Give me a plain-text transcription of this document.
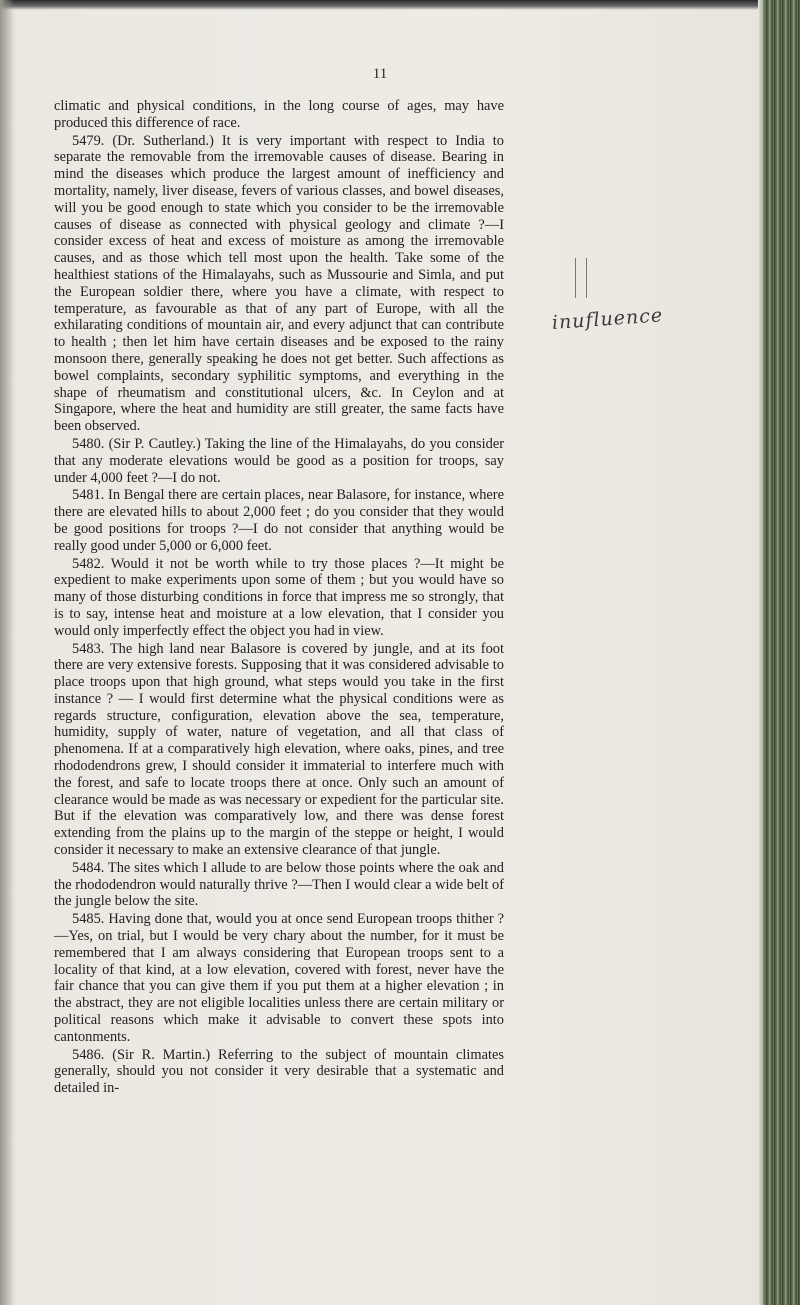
11

climatic and physical conditions, in the long course of ages, may have produced this difference of race.

5479. (Dr. Sutherland.) It is very important with respect to India to separate the removable from the irremovable causes of disease. Bearing in mind the diseases which produce the largest amount of inefficiency and mortality, namely, liver disease, fevers of various classes, and bowel diseases, will you be good enough to state which you consider to be the irremovable causes of disease as connected with physical geology and climate ?—I consider excess of heat and excess of moisture as among the irremovable causes, and as those which tell most upon the health. Take some of the healthiest stations of the Himalayahs, such as Mussourie and Simla, and put the European soldier there, where you have a climate, with respect to temperature, as favourable as that of any part of Europe, with all the exhilarating conditions of mountain air, and every adjunct that can contribute to health ; then let him have certain diseases and be exposed to the rainy monsoon there, generally speaking he does not get better. Such affections as bowel complaints, secondary syphilitic symptoms, and everything in the shape of rheumatism and constitutional ulcers, &c. In Ceylon and at Singapore, where the heat and humidity are still greater, the same facts have been observed.

5480. (Sir P. Cautley.) Taking the line of the Himalayahs, do you consider that any moderate elevations would be good as a position for troops, say under 4,000 feet ?—I do not.

5481. In Bengal there are certain places, near Balasore, for instance, where there are elevated hills to about 2,000 feet ; do you consider that they would be good positions for troops ?—I do not consider that anything would be really good under 5,000 or 6,000 feet.

5482. Would it not be worth while to try those places ?—It might be expedient to make experiments upon some of them ; but you would have so many of those disturbing conditions in force that impress me so strongly, that is to say, intense heat and moisture at a low elevation, that I consider you would only imperfectly effect the object you had in view.

5483. The high land near Balasore is covered by jungle, and at its foot there are very extensive forests. Supposing that it was considered advisable to place troops upon that high ground, what steps would you take in the first instance ? — I would first determine what the physical conditions were as regards structure, configuration, elevation above the sea, temperature, humidity, supply of water, nature of vegetation, and all that class of phenomena. If at a comparatively high elevation, where oaks, pines, and tree rhododendrons grew, I should consider it immaterial to interfere much with the forest, and safe to locate troops there at once. Only such an amount of clearance would be made as was necessary or expedient for the particular site. But if the elevation was comparatively low, and there was dense forest extending from the plains up to the margin of the steppe or height, I would consider it necessary to make an extensive clearance of that jungle.

5484. The sites which I allude to are below those points where the oak and the rhododendron would naturally thrive ?—Then I would clear a wide belt of the jungle below the site.

5485. Having done that, would you at once send European troops thither ?—Yes, on trial, but I would be very chary about the number, for it must be remembered that I am always considering that European troops sent to a locality of that kind, at a low elevation, covered with forest, never have the fair chance that you can give them if you put them at a higher elevation ; in the abstract, they are not eligible localities unless there are certain military or political reasons which make it advisable to convert these spots into cantonments.

5486. (Sir R. Martin.) Referring to the subject of mountain climates generally, should you not consider it very desirable that a systematic and detailed in-

inufluence
